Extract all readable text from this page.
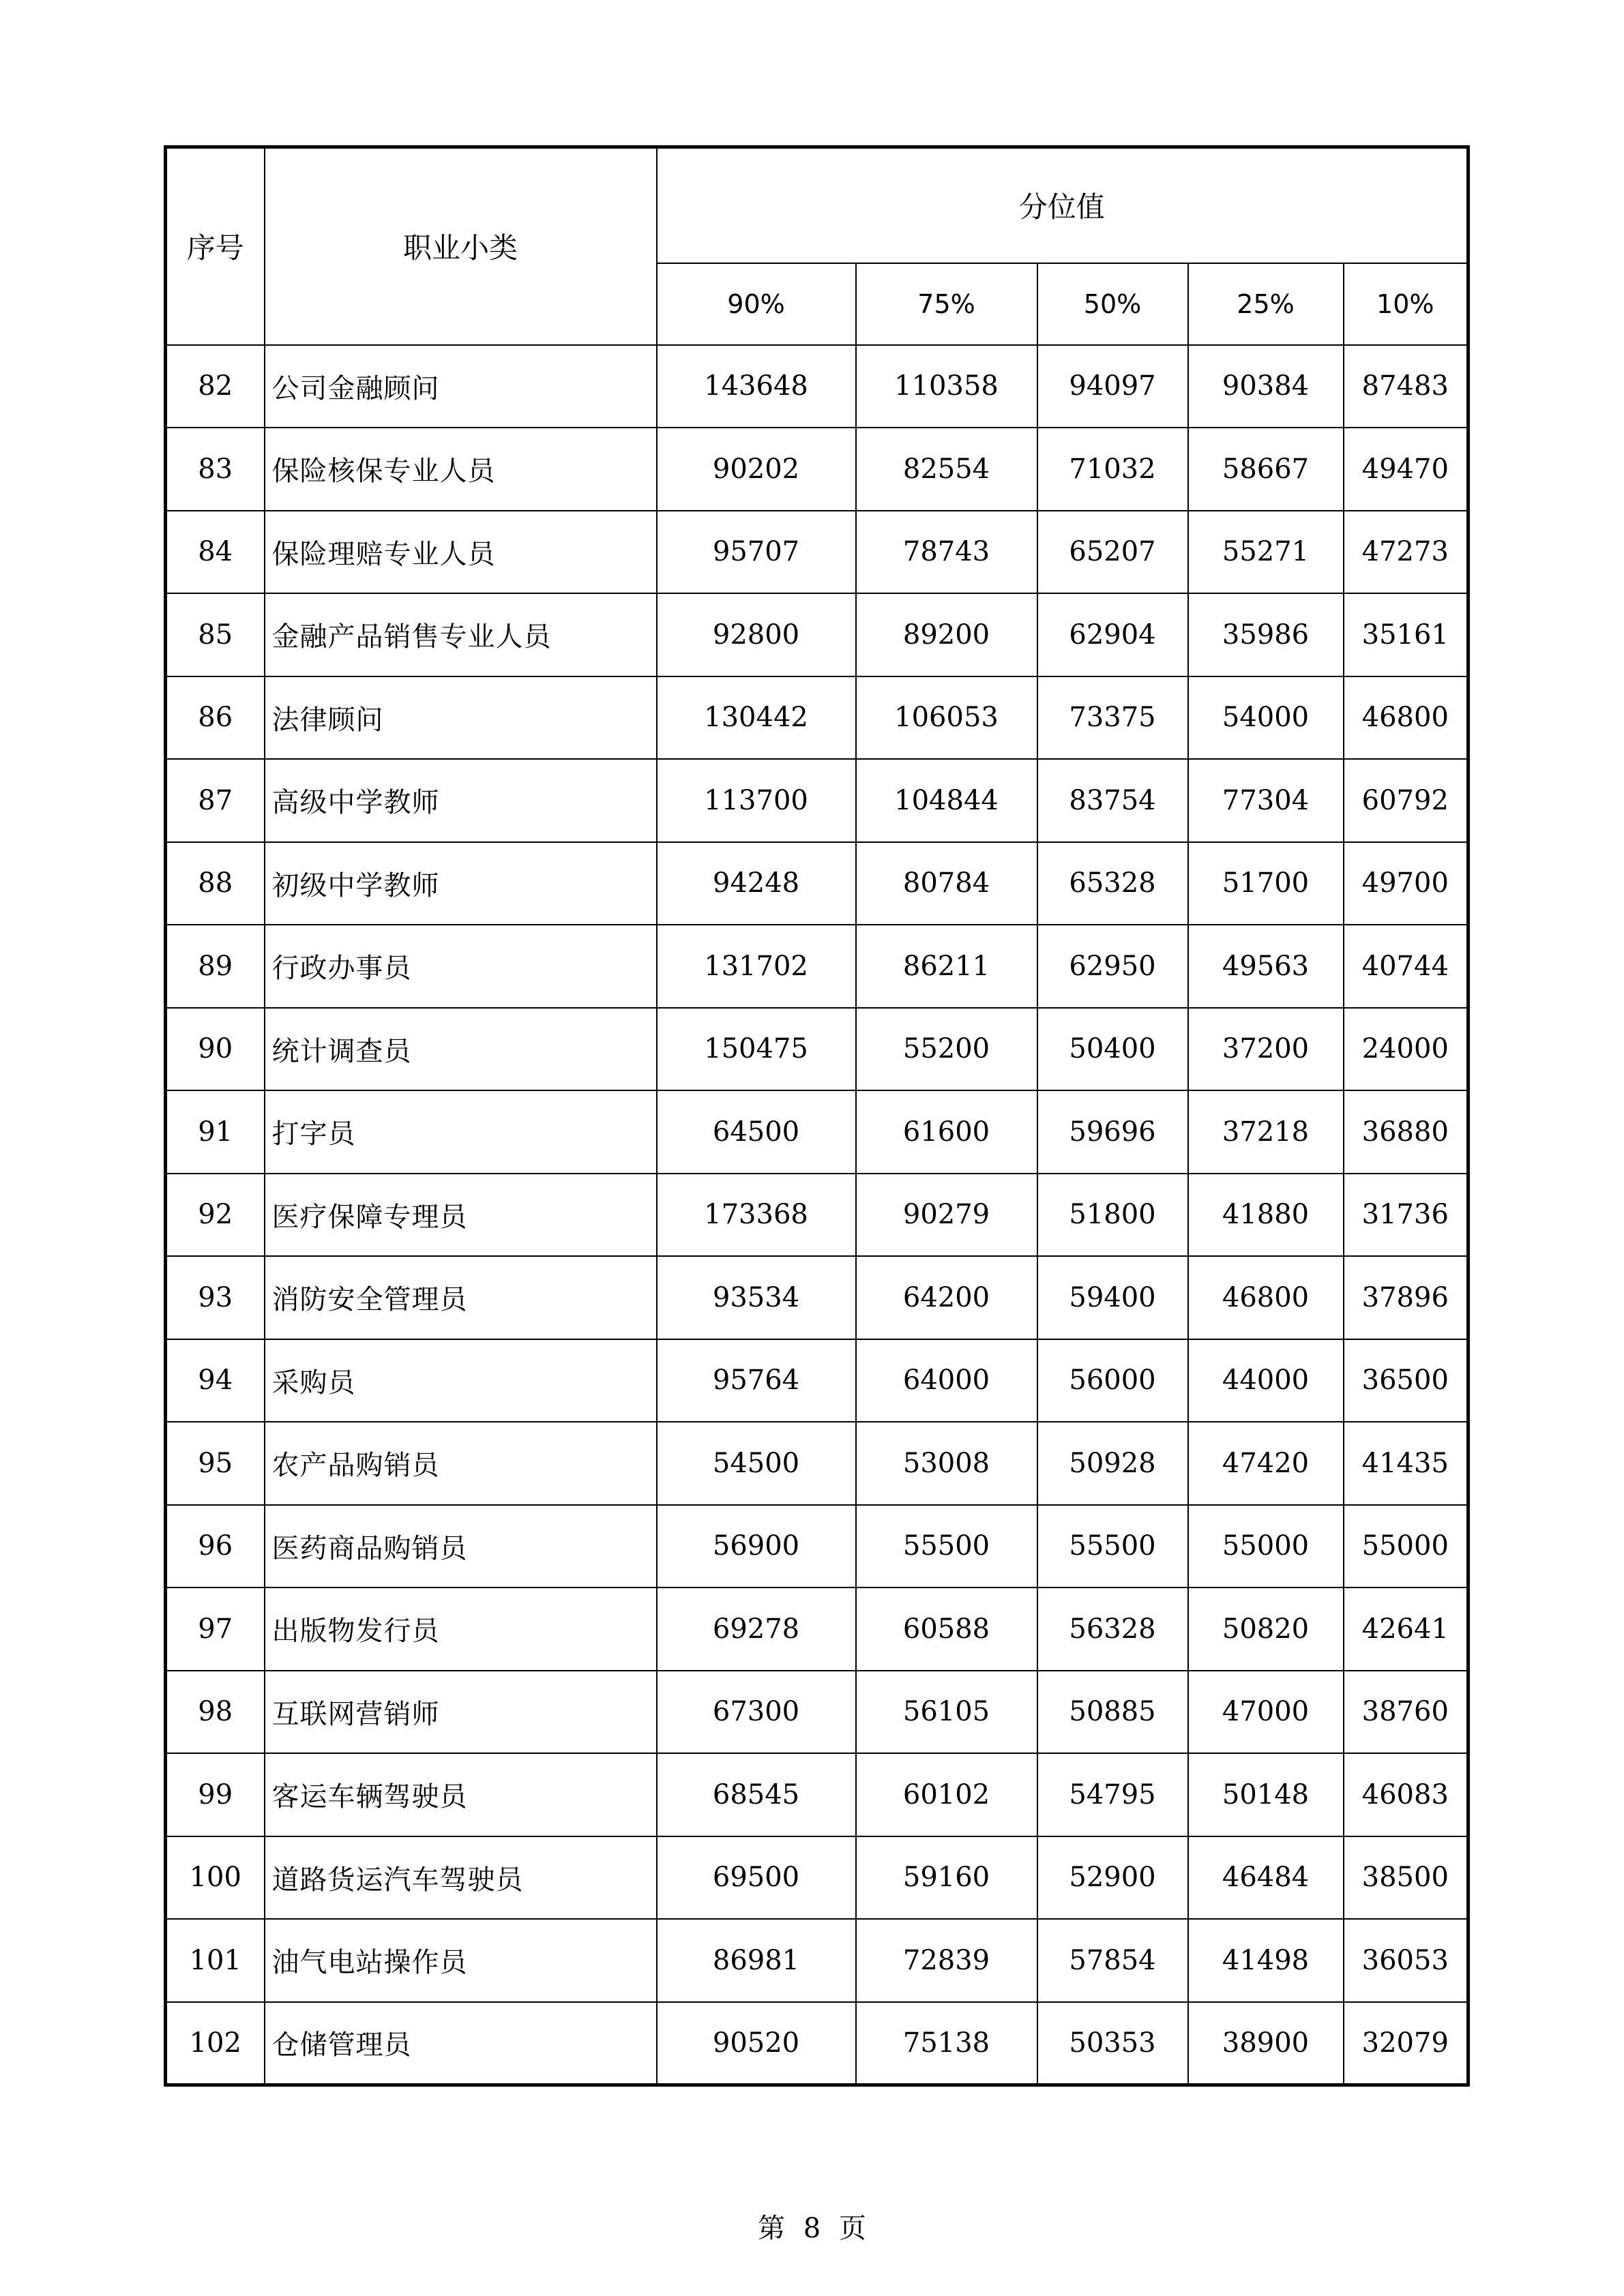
序号	职业小类	分位值				
		90%	75%	50%	25%	10%
82	公司金融顾问	143648	110358	94097	90384	87483
83	保险核保专业人员	90202	82554	71032	58667	49470
84	保险理赔专业人员	95707	78743	65207	55271	47273
85	金融产品销售专业人员	92800	89200	62904	35986	35161
86	法律顾问	130442	106053	73375	54000	46800
87	高级中学教师	113700	104844	83754	77304	60792
88	初级中学教师	94248	80784	65328	51700	49700
89	行政办事员	131702	86211	62950	49563	40744
90	统计调查员	150475	55200	50400	37200	24000
91	打字员	64500	61600	59696	37218	36880
92	医疗保障专理员	173368	90279	51800	41880	31736
93	消防安全管理员	93534	64200	59400	46800	37896
94	采购员	95764	64000	56000	44000	36500
95	农产品购销员	54500	53008	50928	47420	41435
96	医药商品购销员	56900	55500	55500	55000	55000
97	出版物发行员	69278	60588	56328	50820	42641
98	互联网营销师	67300	56105	50885	47000	38760
99	客运车辆驾驶员	68545	60102	54795	50148	46083
100	道路货运汽车驾驶员	69500	59160	52900	46484	38500
101	油气电站操作员	86981	72839	57854	41498	36053
102	仓储管理员	90520	75138	50353	38900	32079
第 8 页
